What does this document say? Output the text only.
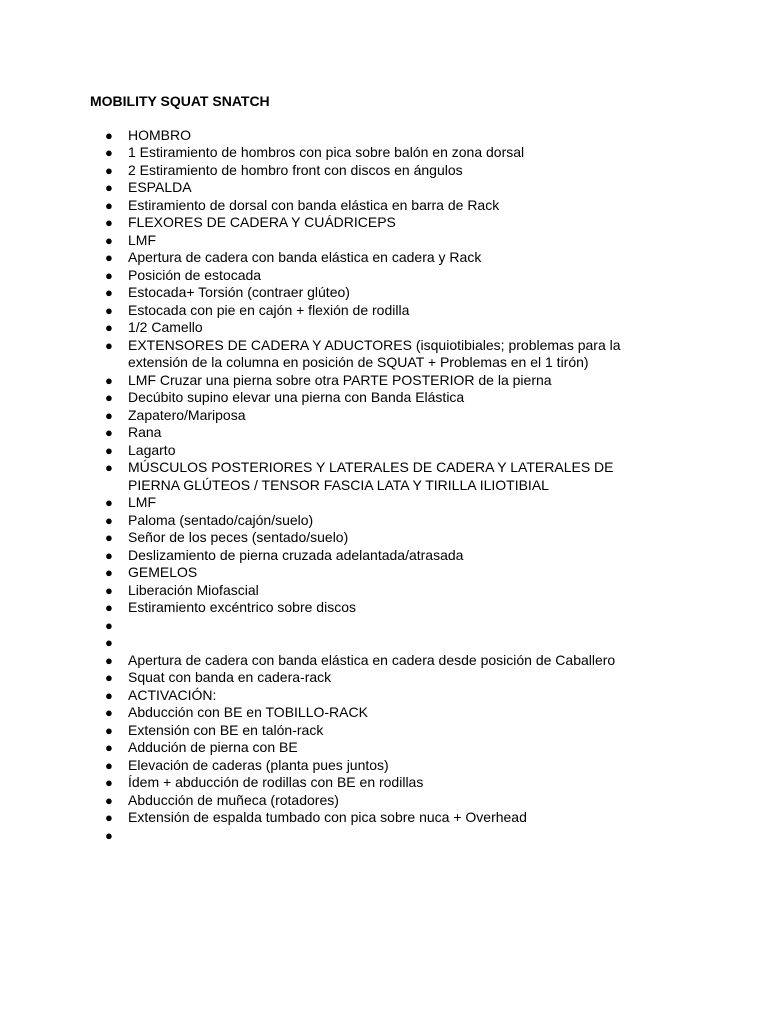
MOBILITY SQUAT SNATCH
● HOMBRO
● 1 Estiramiento de hombros con pica sobre balón en zona dorsal
● 2 Estiramiento de hombro front con discos en ángulos
● ESPALDA
● Estiramiento de dorsal con banda elástica en barra de Rack
● FLEXORES DE CADERA Y CUÁDRICEPS
● LMF
● Apertura de cadera con banda elástica en cadera y Rack
● Posición de estocada
● Estocada+ Torsión (contraer glúteo)
● Estocada con pie en cajón + flexión de rodilla
● 1/2 Camello
● EXTENSORES DE CADERA Y ADUCTORES (isquiotibiales; problemas para la extensión de la columna en posición de SQUAT + Problemas en el 1 tirón)
● LMF Cruzar una pierna sobre otra PARTE POSTERIOR de la pierna
● Decúbito supino elevar una pierna con Banda Elástica
● Zapatero/Mariposa
● Rana
● Lagarto
● MÚSCULOS POSTERIORES Y LATERALES DE CADERA Y LATERALES DE PIERNA GLÚTEOS / TENSOR FASCIA LATA Y TIRILLA ILIOTIBIAL
● LMF
● Paloma (sentado/cajón/suelo)
● Señor de los peces (sentado/suelo)
● Deslizamiento de pierna cruzada adelantada/atrasada
● GEMELOS
● Liberación Miofascial
● Estiramiento excéntrico sobre discos
●
●
● Apertura de cadera con banda elástica en cadera desde posición de Caballero
● Squat con banda en cadera-rack
● ACTIVACIÓN:
● Abducción con BE en TOBILLO-RACK
● Extensión con BE en talón-rack
● Addución de pierna con BE
● Elevación de caderas (planta pues juntos)
● Ídem + abducción de rodillas con BE en rodillas
● Abducción de muñeca (rotadores)
● Extensión de espalda tumbado con pica sobre nuca + Overhead
●
